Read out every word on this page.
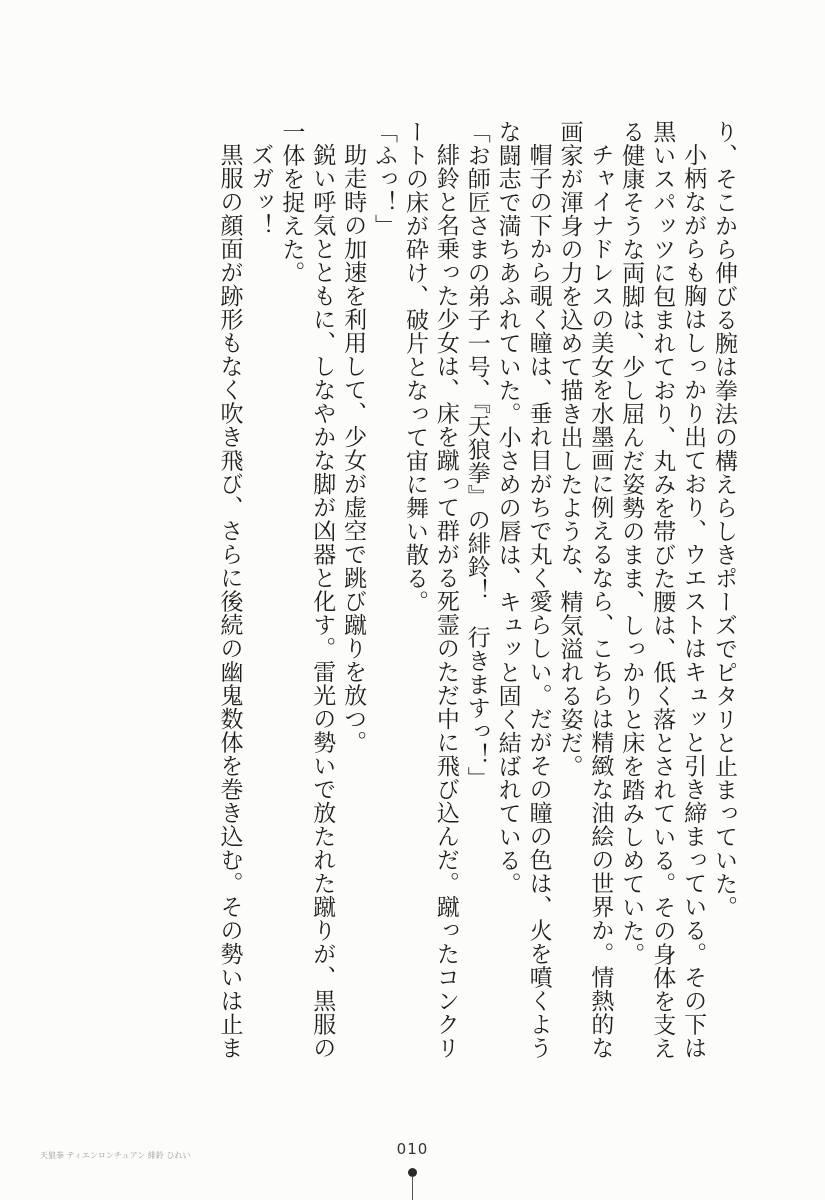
り、そこから伸びる腕は拳法の構えらしきポーズでピタリと止まっていた。
　小柄ながらも胸はしっかり出ており、ウエストはキュッと引き締まっている。その下は
黒いスパッツに包まれており、丸みを帯びた腰は、低く落とされている。その身体を支え
る健康そうな両脚は、少し屈んだ姿勢のまま、しっかりと床を踏みしめていた。
　チャイナドレスの美女を水墨画に例えるなら、こちらは精緻な油絵の世界か。情熱的な
画家が渾身の力を込めて描き出したような、精気溢れる姿だ。
　帽子の下から覗く瞳は、垂れ目がちで丸く愛らしい。だがその瞳の色は、火を噴くよう
な闘志で満ちあふれていた。小さめの唇は、キュッと固く結ばれている。
「お師匠さまの弟子一号、『天狼拳』の緋鈴！　行きますっ！」
　緋鈴と名乗った少女は、床を蹴って群がる死霊のただ中に飛び込んだ。蹴ったコンクリ
ートの床が砕け、破片となって宙に舞い散る。
「ふっ！」
　助走時の加速を利用して、少女が虚空で跳び蹴りを放つ。
　鋭い呼気とともに、しなやかな脚が凶器と化す。雷光の勢いで放たれた蹴りが、黒服の
一体を捉えた。
　ズガッ！
　黒服の顔面が跡形もなく吹き飛び、さらに後続の幽鬼数体を巻き込む。その勢いは止ま
天狼拳 ティエンロンチュアン 緋鈴 ひれい	010
